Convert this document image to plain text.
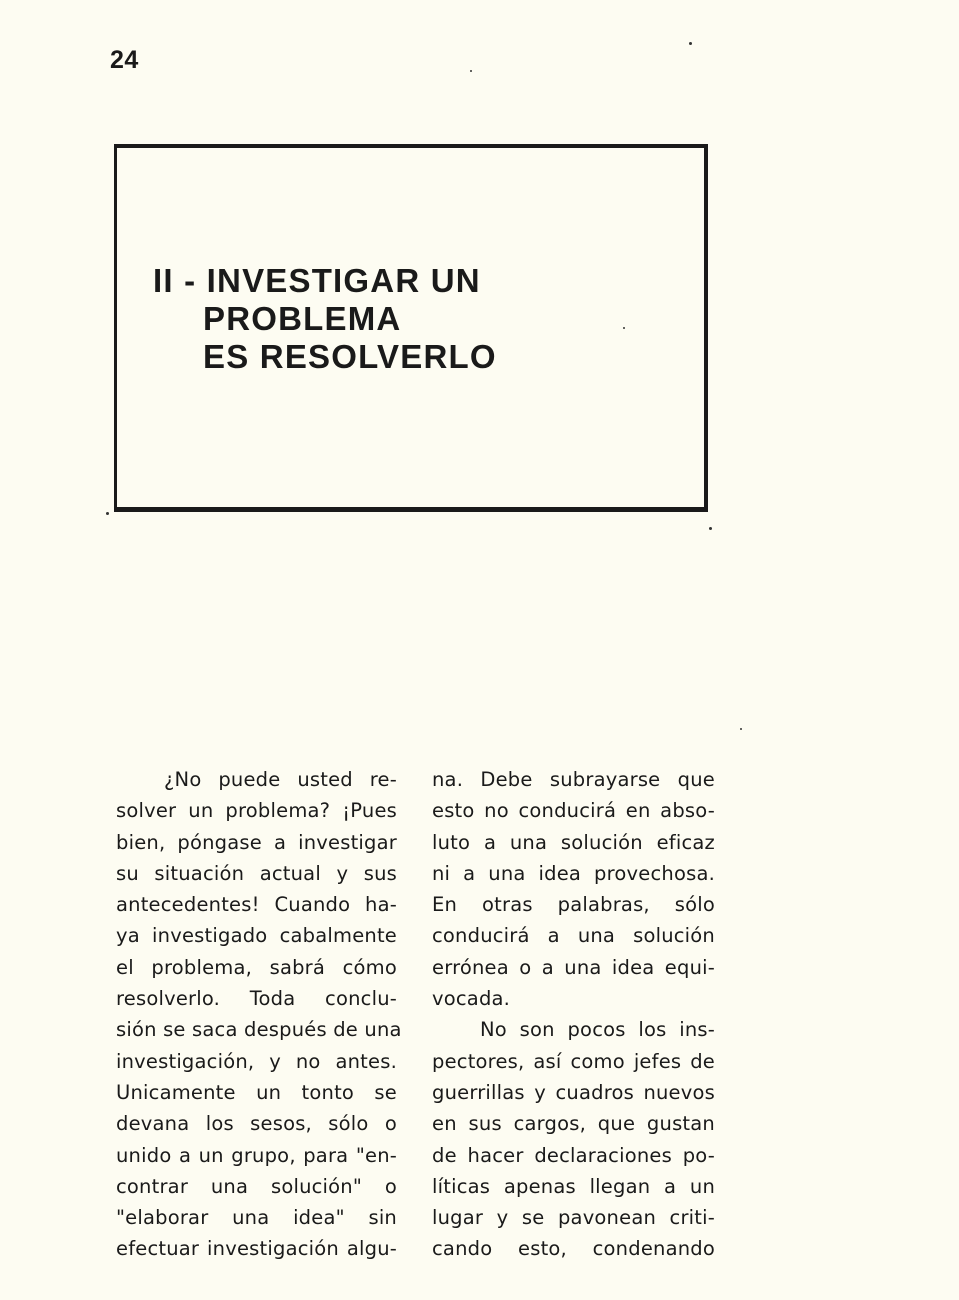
24
II - INVESTIGAR UN
PROBLEMA
ES RESOLVERLO
¿No puede usted re-
solver un problema? ¡Pues
bien, póngase a investigar
su situación actual y sus
antecedentes! Cuando ha-
ya investigado cabalmente
el problema, sabrá cómo
resolverlo. Toda conclu-
sión se saca después de una
investigación, y no antes.
Unicamente un tonto se
devana los sesos, sólo o
unido a un grupo, para "en-
contrar una solución" o
"elaborar una idea" sin
efectuar investigación algu-
na. Debe subrayarse que
esto no conducirá en abso-
luto a una solución eficaz
ni a una idea provechosa.
En otras palabras, sólo
conducirá a una solución
errónea o a una idea equi-
vocada.
No son pocos los ins-
pectores, así como jefes de
guerrillas y cuadros nuevos
en sus cargos, que gustan
de hacer declaraciones po-
líticas apenas llegan a un
lugar y se pavonean criti-
cando esto, condenando
